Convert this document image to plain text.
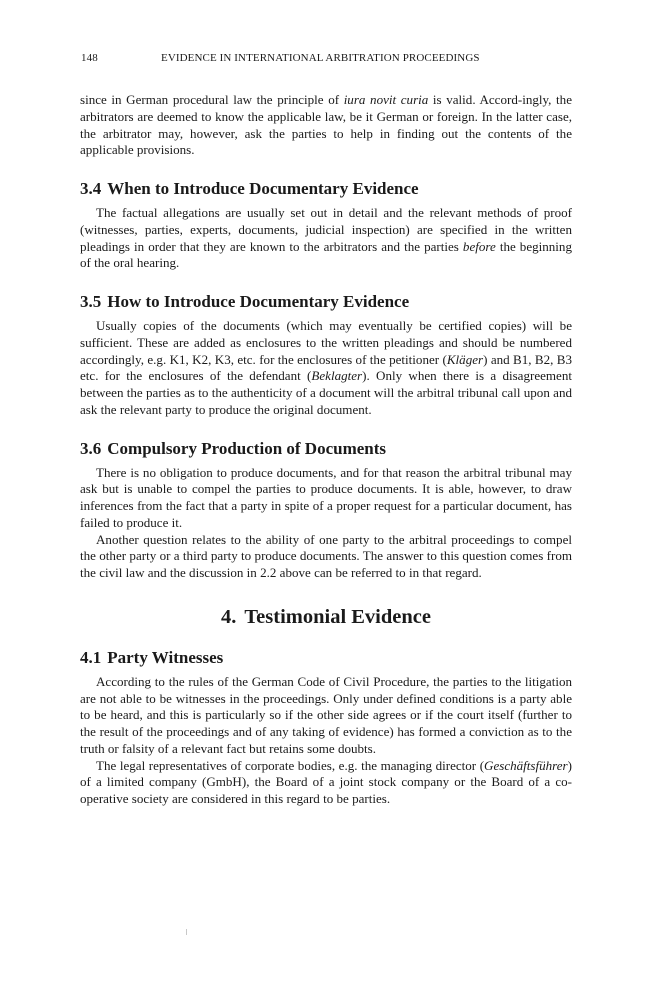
148	EVIDENCE IN INTERNATIONAL ARBITRATION PROCEEDINGS

since in German procedural law the principle of iura novit curia is valid. Accord-ingly, the arbitrators are deemed to know the applicable law, be it German or foreign. In the latter case, the arbitrator may, however, ask the parties to help in finding out the contents of the applicable provisions.

3.4 When to Introduce Documentary Evidence

The factual allegations are usually set out in detail and the relevant methods of proof (witnesses, parties, experts, documents, judicial inspection) are specified in the written pleadings in order that they are known to the arbitrators and the parties before the beginning of the oral hearing.

3.5 How to Introduce Documentary Evidence

Usually copies of the documents (which may eventually be certified copies) will be sufficient. These are added as enclosures to the written pleadings and should be numbered accordingly, e.g. K1, K2, K3, etc. for the enclosures of the petitioner (Kläger) and B1, B2, B3 etc. for the enclosures of the defendant (Beklagter). Only when there is a disagreement between the parties as to the authenticity of a document will the arbitral tribunal call upon and ask the relevant party to produce the original document.

3.6 Compulsory Production of Documents

There is no obligation to produce documents, and for that reason the arbitral tribunal may ask but is unable to compel the parties to produce documents. It is able, however, to draw inferences from the fact that a party in spite of a proper request for a particular document, has failed to produce it.

Another question relates to the ability of one party to the arbitral proceedings to compel the other party or a third party to produce documents. The answer to this question comes from the civil law and the discussion in 2.2 above can be referred to in that regard.

4. Testimonial Evidence
4.1 Party Witnesses

According to the rules of the German Code of Civil Procedure, the parties to the litigation are not able to be witnesses in the proceedings. Only under defined conditions is a party able to be heard, and this is particularly so if the other side agrees or if the court itself (further to the result of the proceedings and of any taking of evidence) has formed a conviction as to the truth or falsity of a relevant fact but retains some doubts.

The legal representatives of corporate bodies, e.g. the managing director (Geschäftsführer) of a limited company (GmbH), the Board of a joint stock company or the Board of a co-operative society are considered in this regard to be parties.
